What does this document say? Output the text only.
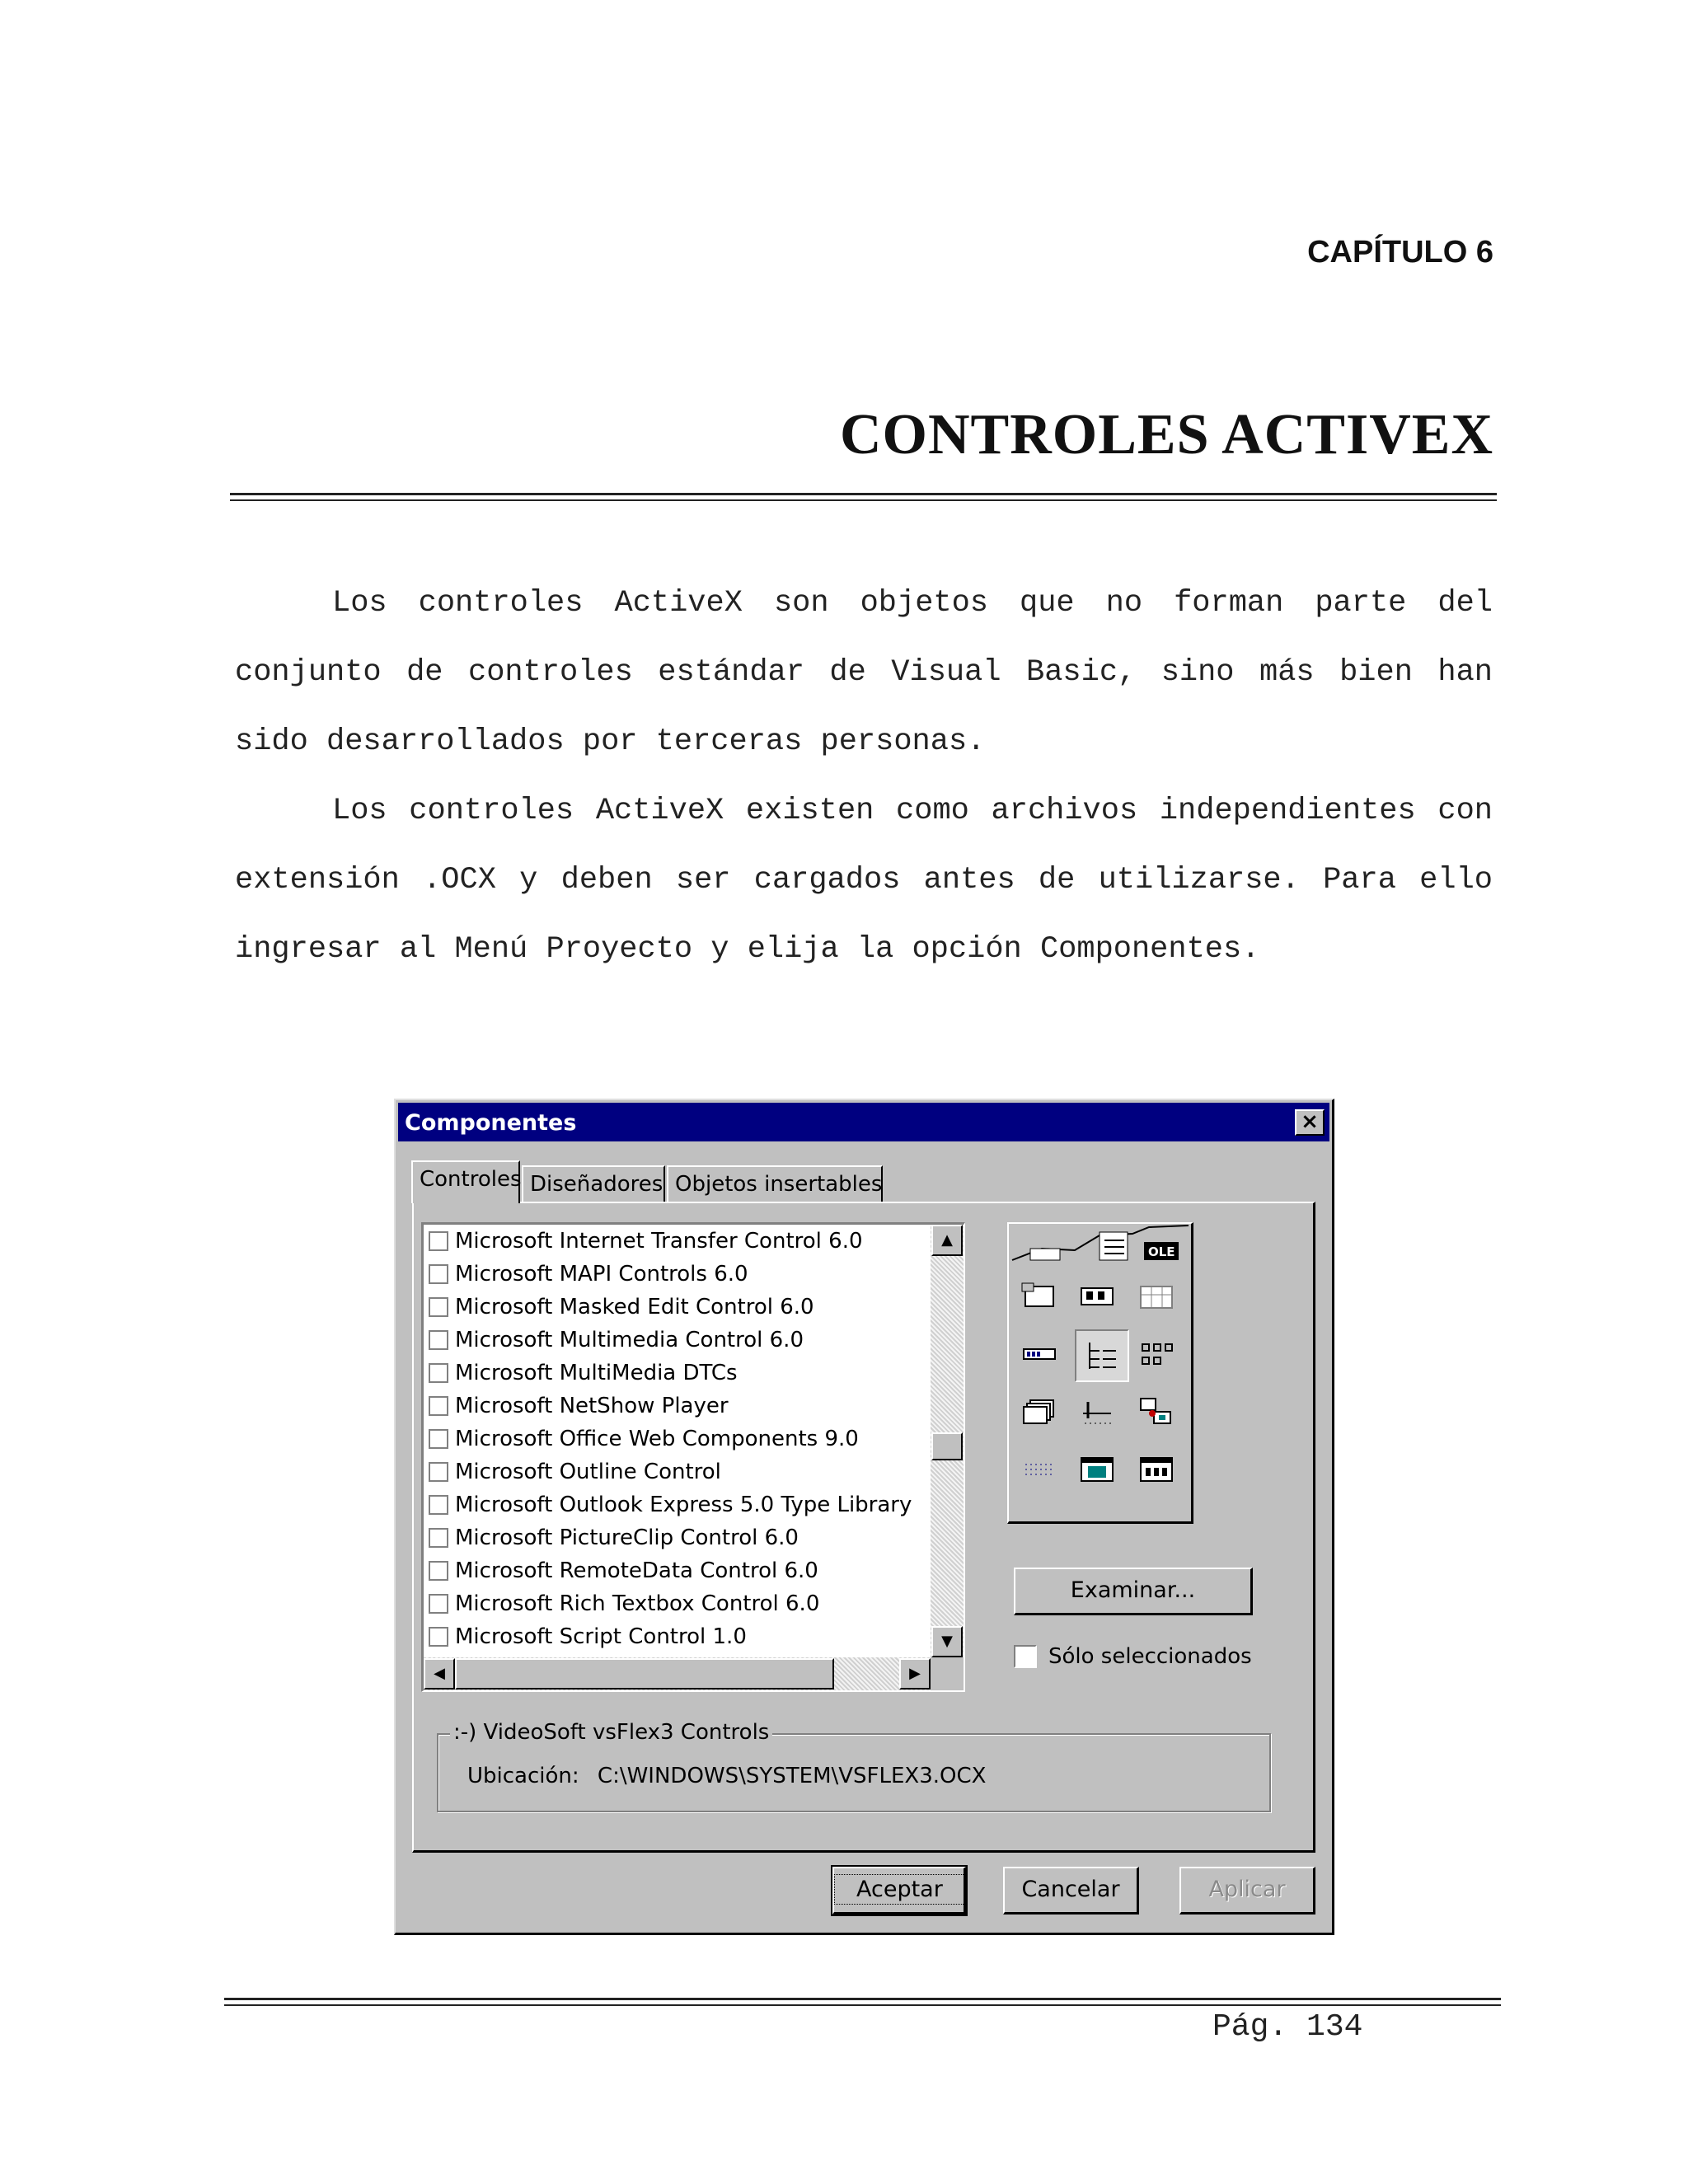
CAPÍTULO 6
CONTROLES ACTIVEX

Los controles ActiveX son objetos que no forman parte del conjunto de controles estándar de Visual Basic, sino más bien han sido desarrollados por terceras personas.

Los controles ActiveX existen como archivos independientes con extensión .OCX y deben ser cargados antes de utilizarse. Para ello ingresar al Menú Proyecto y elija la opción Componentes.

Componentes	×
Controles Diseñadores Objetos insertables
Microsoft Internet Transfer Control 6.0
Microsoft MAPI Controls 6.0
Microsoft Masked Edit Control 6.0
Microsoft Multimedia Control 6.0
Microsoft MultiMedia DTCs
Microsoft NetShow Player
Microsoft Office Web Components 9.0
Microsoft Outline Control
Microsoft Outlook Express 5.0 Type Library
Microsoft PictureClip Control 6.0
Microsoft RemoteData Control 6.0
Microsoft Rich Textbox Control 6.0
Microsoft Script Control 1.0
▲
▼
◀	▶
OLE
Examinar...
Sólo seleccionados
:-) VideoSoft vsFlex3 Controls
Ubicación: C:\WINDOWS\SYSTEM\VSFLEX3.OCX
Aceptar	Cancelar	Aplicar
Pág. 134
